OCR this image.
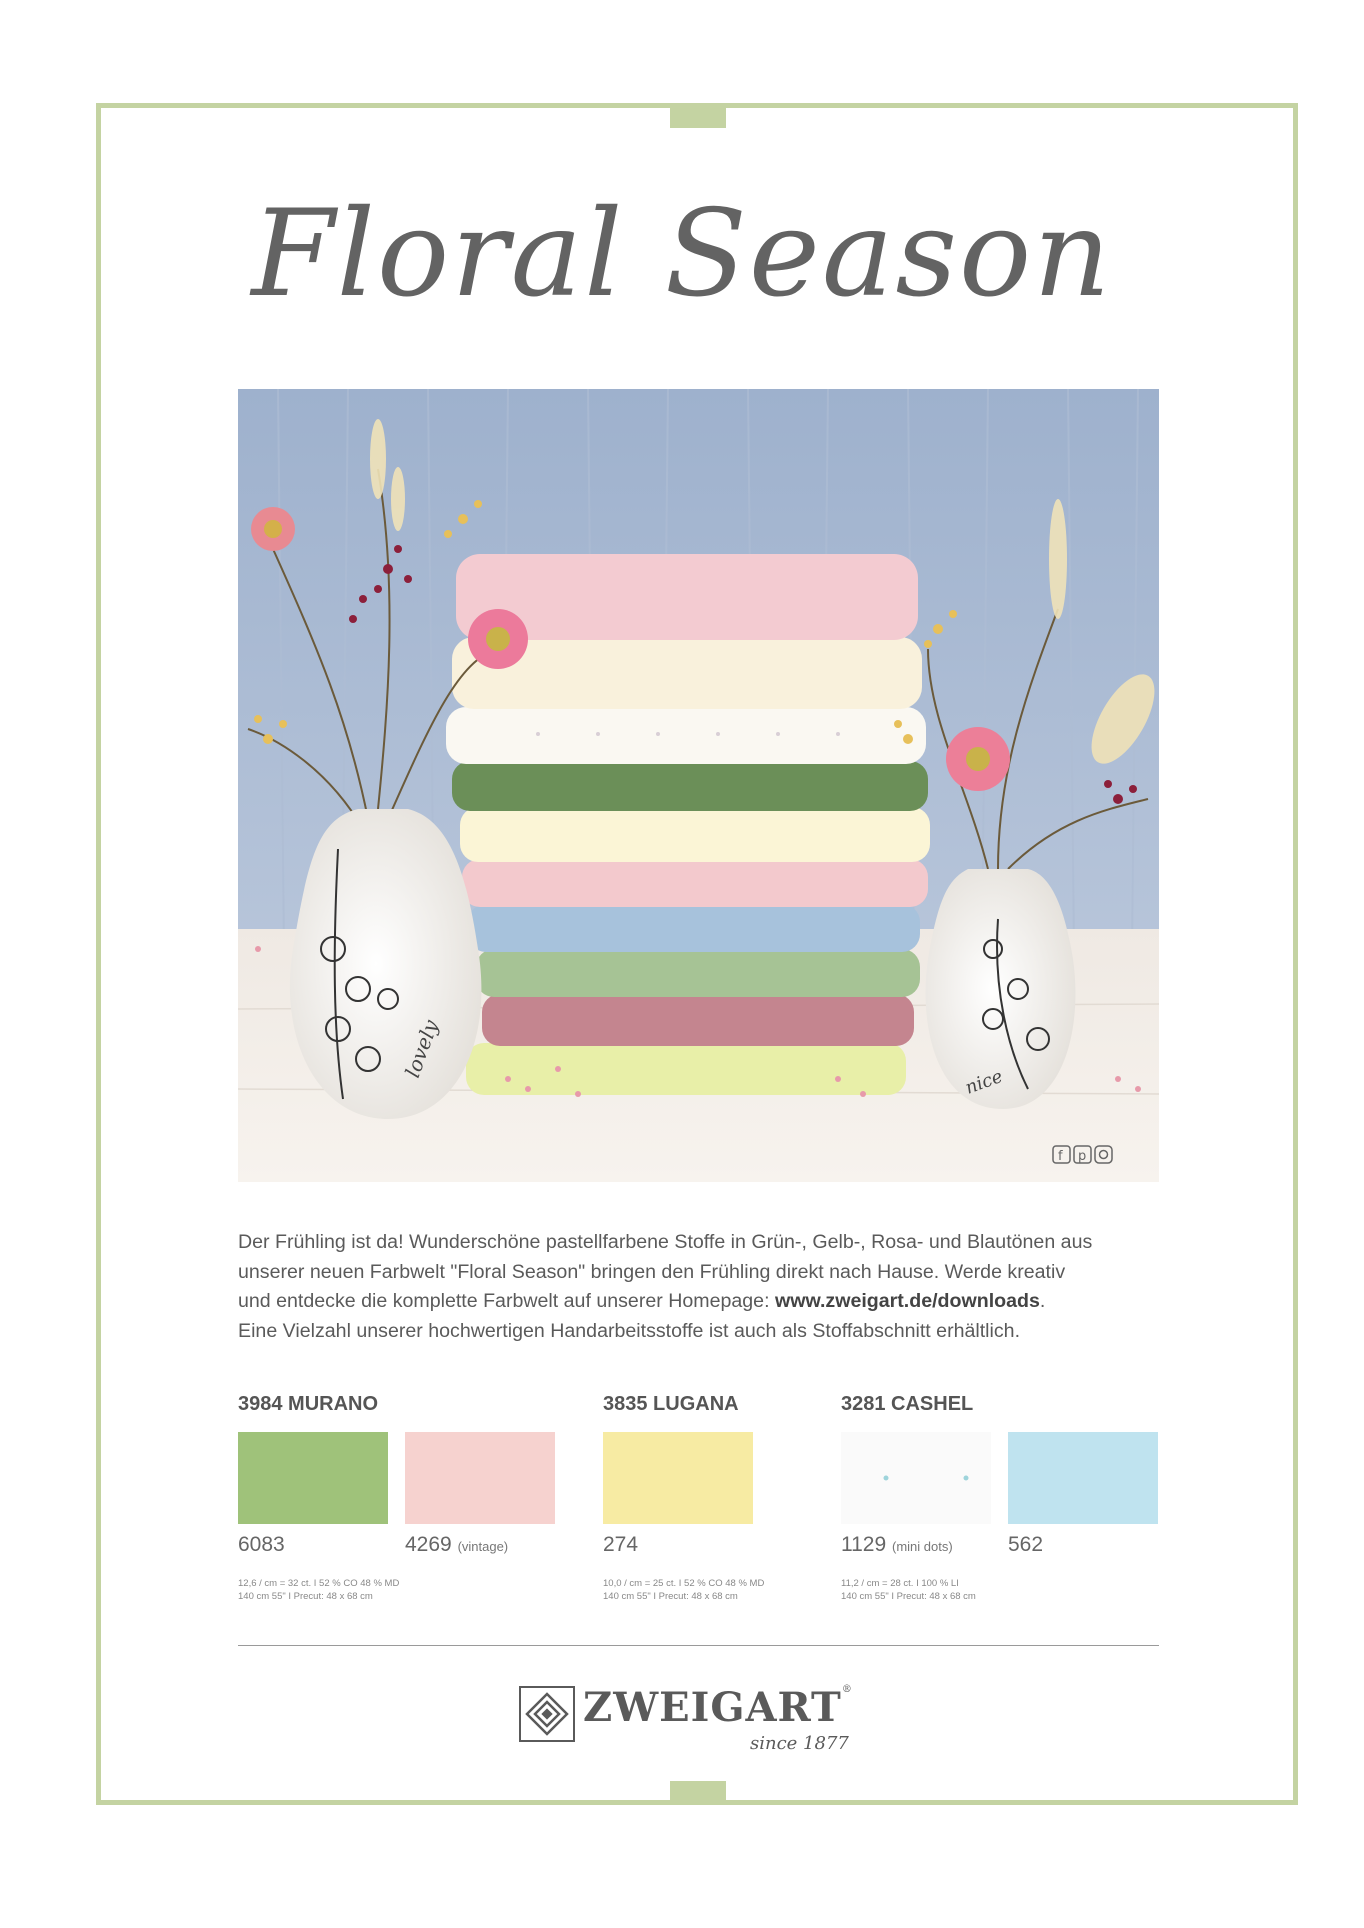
Floral Season
lovely
nice
f p
Der Frühling ist da! Wunderschöne pastellfarbene Stoffe in Grün-, Gelb-, Rosa- und Blautönen aus
unserer neuen Farbwelt "Floral Season" bringen den Frühling direkt nach Hause. Werde kreativ
und entdecke die komplette Farbwelt auf unserer Homepage: www.zweigart.de/downloads.
Eine Vielzahl unserer hochwertigen Handarbeitsstoffe ist auch als Stoffabschnitt erhältlich.
3984 MURANO
6083	4269 (vintage)
12,6 / cm = 32 ct. I 52 % CO 48 % MD
140 cm 55" I Precut: 48 x 68 cm
3835 LUGANA
274
10,0 / cm = 25 ct. I 52 % CO 48 % MD
140 cm 55" I Precut: 48 x 68 cm
3281 CASHEL
1129 (mini dots)	562
11,2 / cm = 28 ct. I 100 % LI
140 cm 55" I Precut: 48 x 68 cm
ZWEIGART®
since 1877
